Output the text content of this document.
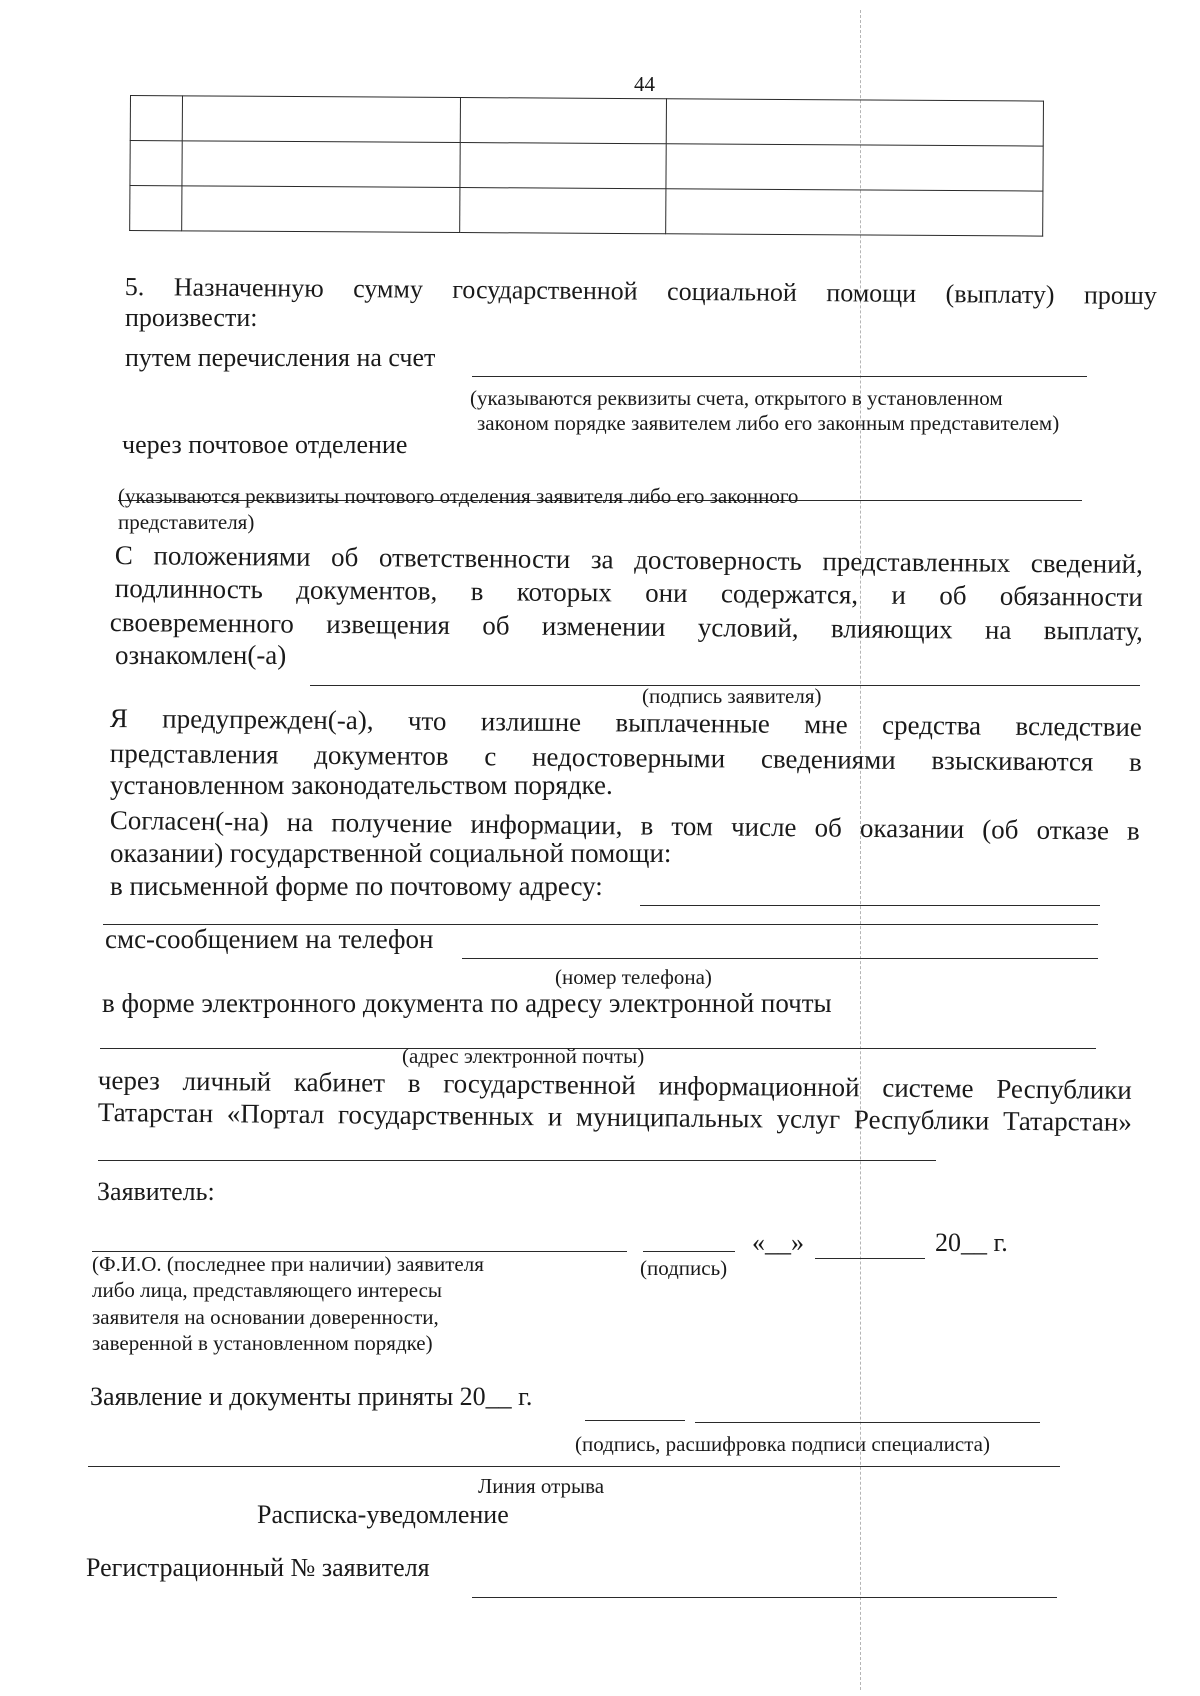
44

5. Назначенную сумму государственной социальной помощи (выплату) прошу
произвести:
путем перечисления на счет
(указываются реквизиты счета, открытого в установленном
законом порядке заявителем либо его законным представителем)
через почтовое отделение
(указываются реквизиты почтового отделения заявителя либо его законного
представителя)
С положениями об ответственности за достоверность представленных сведений,
подлинность документов, в которых они содержатся, и об обязанности
своевременного извещения об изменении условий, влияющих на выплату,
ознакомлен(-а)
(подпись заявителя)
Я предупрежден(-а), что излишне выплаченные мне средства вследствие
представления документов с недостоверными сведениями взыскиваются в
установленном законодательством порядке.
Согласен(-на) на получение информации, в том числе об оказании (об отказе в
оказании) государственной социальной помощи:
в письменной форме по почтовому адресу:
смс-сообщением на телефон
(номер телефона)
в форме электронного документа по адресу электронной почты
(адрес электронной почты)
через личный кабинет в государственной информационной системе Республики
Татарстан «Портал государственных и муниципальных услуг Республики Татарстан»
Заявитель:
«__»	20__ г.
(Ф.И.О. (последнее при наличии) заявителя
либо лица, представляющего интересы
заявителя на основании доверенности,
заверенной в установленном порядке)
(подпись)
Заявление и документы приняты 20__ г.
(подпись, расшифровка подписи специалиста)
Линия отрыва
Расписка-уведомление
Регистрационный № заявителя
